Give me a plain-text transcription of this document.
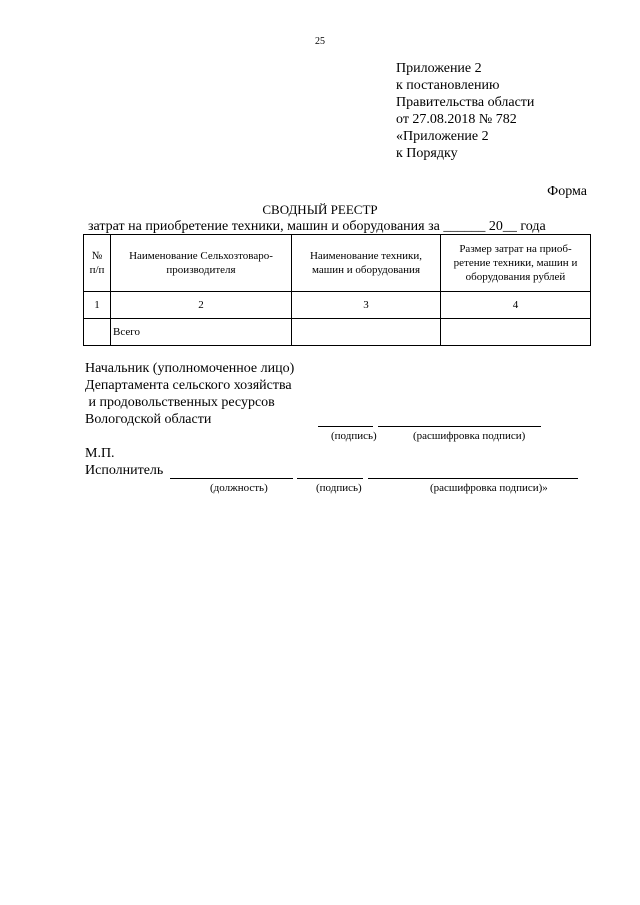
25
Приложение 2
к постановлению
Правительства области
от 27.08.2018 № 782
«Приложение 2
к Порядку
Форма
СВОДНЫЙ РЕЕСТР
затрат на приобретение техники, машин и оборудования за ______ 20__ года
№ п/п	Наименование Сельхозтоваро-производителя	Наименование техники, машин и оборудования	Размер затрат на приоб-ретение техники, машин и оборудования рублей
1	2	3	4
	Всего		
Начальник (уполномоченное лицо)
Департамента сельского хозяйства
и продовольственных ресурсов
Вологодской области
(подпись)	(расшифровка подписи)
М.П.
Исполнитель
(должность)	(подпись)	(расшифровка подписи)»
